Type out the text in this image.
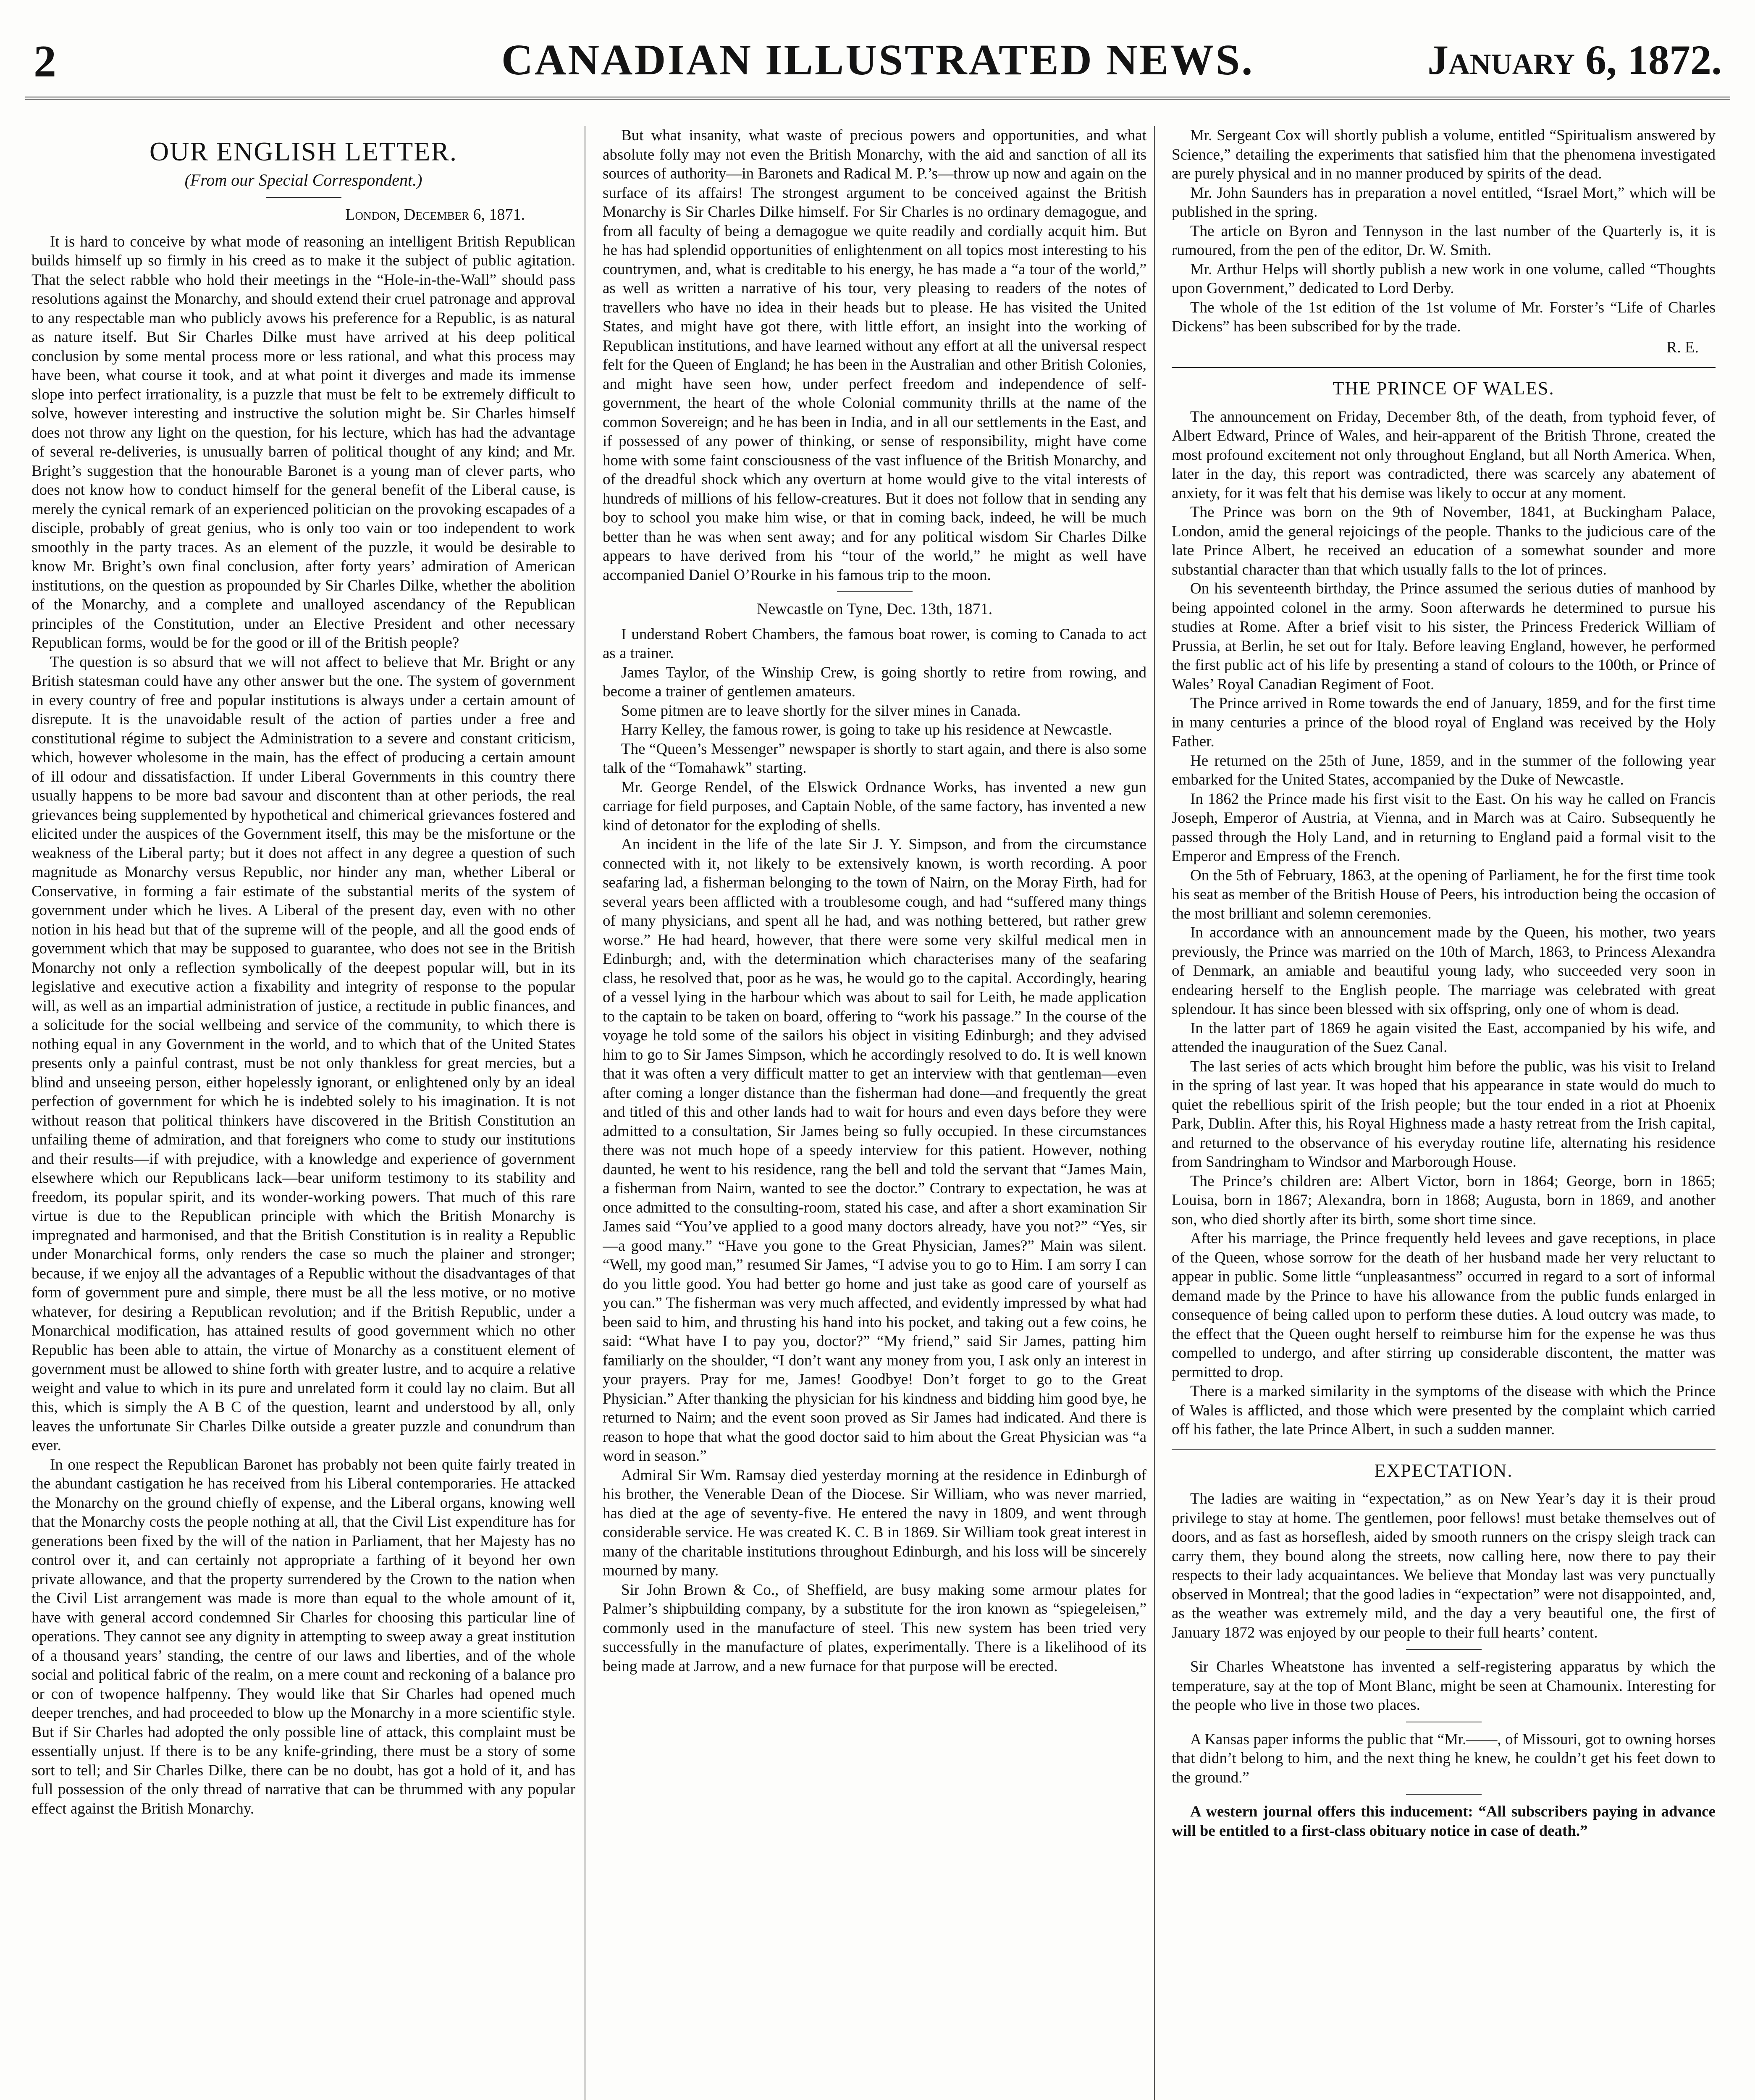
2	CANADIAN ILLUSTRATED NEWS.	January 6, 1872.
OUR ENGLISH LETTER.
(From our Special Correspondent.)
London, December 6, 1871.

It is hard to conceive by what mode of reasoning an intelligent British Republican builds himself up so firmly in his creed as to make it the subject of public agitation. That the select rabble who hold their meetings in the “Hole-in-the-Wall” should pass resolutions against the Monarchy, and should extend their cruel patronage and approval to any respectable man who publicly avows his preference for a Republic, is as natural as nature itself. But Sir Charles Dilke must have arrived at his deep political conclusion by some mental process more or less rational, and what this process may have been, what course it took, and at what point it diverges and made its immense slope into perfect irrationality, is a puzzle that must be felt to be extremely difficult to solve, however interesting and instructive the solution might be. Sir Charles himself does not throw any light on the question, for his lecture, which has had the advantage of several re-deliveries, is unusually barren of political thought of any kind; and Mr. Bright’s suggestion that the honourable Baronet is a young man of clever parts, who does not know how to conduct himself for the general benefit of the Liberal cause, is merely the cynical remark of an experienced politician on the provoking escapades of a disciple, probably of great genius, who is only too vain or too independent to work smoothly in the party traces. As an element of the puzzle, it would be desirable to know Mr. Bright’s own final conclusion, after forty years’ admiration of American institutions, on the question as propounded by Sir Charles Dilke, whether the abolition of the Monarchy, and a complete and unalloyed ascendancy of the Republican principles of the Constitution, under an Elective President and other necessary Republican forms, would be for the good or ill of the British people?

The question is so absurd that we will not affect to believe that Mr. Bright or any British statesman could have any other answer but the one. The system of government in every country of free and popular institutions is always under a certain amount of disrepute. It is the unavoidable result of the action of parties under a free and constitutional régime to subject the Administration to a severe and constant criticism, which, however wholesome in the main, has the effect of producing a certain amount of ill odour and dissatisfaction. If under Liberal Governments in this country there usually happens to be more bad savour and discontent than at other periods, the real grievances being supplemented by hypothetical and chimerical grievances fostered and elicited under the auspices of the Government itself, this may be the misfortune or the weakness of the Liberal party; but it does not affect in any degree a question of such magnitude as Monarchy versus Republic, nor hinder any man, whether Liberal or Conservative, in forming a fair estimate of the substantial merits of the system of government under which he lives. A Liberal of the present day, even with no other notion in his head but that of the supreme will of the people, and all the good ends of government which that may be supposed to guarantee, who does not see in the British Monarchy not only a reflection symbolically of the deepest popular will, but in its legislative and executive action a fixability and integrity of response to the popular will, as well as an impartial administration of justice, a rectitude in public finances, and a solicitude for the social wellbeing and service of the community, to which there is nothing equal in any Government in the world, and to which that of the United States presents only a painful contrast, must be not only thankless for great mercies, but a blind and unseeing person, either hopelessly ignorant, or enlightened only by an ideal perfection of government for which he is indebted solely to his imagination. It is not without reason that political thinkers have discovered in the British Constitution an unfailing theme of admiration, and that foreigners who come to study our institutions and their results—if with prejudice, with a knowledge and experience of government elsewhere which our Republicans lack—bear uniform testimony to its stability and freedom, its popular spirit, and its wonder-working powers. That much of this rare virtue is due to the Republican principle with which the British Monarchy is impregnated and harmonised, and that the British Constitution is in reality a Republic under Monarchical forms, only renders the case so much the plainer and stronger; because, if we enjoy all the advantages of a Republic without the disadvantages of that form of government pure and simple, there must be all the less motive, or no motive whatever, for desiring a Republican revolution; and if the British Republic, under a Monarchical modification, has attained results of good government which no other Republic has been able to attain, the virtue of Monarchy as a constituent element of government must be allowed to shine forth with greater lustre, and to acquire a relative weight and value to which in its pure and unrelated form it could lay no claim. But all this, which is simply the A B C of the question, learnt and understood by all, only leaves the unfortunate Sir Charles Dilke outside a greater puzzle and conundrum than ever.

In one respect the Republican Baronet has probably not been quite fairly treated in the abundant castigation he has received from his Liberal contemporaries. He attacked the Monarchy on the ground chiefly of expense, and the Liberal organs, knowing well that the Monarchy costs the people nothing at all, that the Civil List expenditure has for generations been fixed by the will of the nation in Parliament, that her Majesty has no control over it, and can certainly not appropriate a farthing of it beyond her own private allowance, and that the property surrendered by the Crown to the nation when the Civil List arrangement was made is more than equal to the whole amount of it, have with general accord condemned Sir Charles for choosing this particular line of operations. They cannot see any dignity in attempting to sweep away a great institution of a thousand years’ standing, the centre of our laws and liberties, and of the whole social and political fabric of the realm, on a mere count and reckoning of a balance pro or con of twopence halfpenny. They would like that Sir Charles had opened much deeper trenches, and had proceeded to blow up the Monarchy in a more scientific style. But if Sir Charles had adopted the only possible line of attack, this complaint must be essentially unjust. If there is to be any knife-grinding, there must be a story of some sort to tell; and Sir Charles Dilke, there can be no doubt, has got a hold of it, and has full possession of the only thread of narrative that can be thrummed with any popular effect against the British Monarchy.

But what insanity, what waste of precious powers and opportunities, and what absolute folly may not even the British Monarchy, with the aid and sanction of all its sources of authority—in Baronets and Radical M. P.’s—throw up now and again on the surface of its affairs! The strongest argument to be conceived against the British Monarchy is Sir Charles Dilke himself. For Sir Charles is no ordinary demagogue, and from all faculty of being a demagogue we quite readily and cordially acquit him. But he has had splendid opportunities of enlightenment on all topics most interesting to his countrymen, and, what is creditable to his energy, he has made a “a tour of the world,” as well as written a narrative of his tour, very pleasing to readers of the notes of travellers who have no idea in their heads but to please. He has visited the United States, and might have got there, with little effort, an insight into the working of Republican institutions, and have learned without any effort at all the universal respect felt for the Queen of England; he has been in the Australian and other British Colonies, and might have seen how, under perfect freedom and independence of self-government, the heart of the whole Colonial community thrills at the name of the common Sovereign; and he has been in India, and in all our settlements in the East, and if possessed of any power of thinking, or sense of responsibility, might have come home with some faint consciousness of the vast influence of the British Monarchy, and of the dreadful shock which any overturn at home would give to the vital interests of hundreds of millions of his fellow-creatures. But it does not follow that in sending any boy to school you make him wise, or that in coming back, indeed, he will be much better than he was when sent away; and for any political wisdom Sir Charles Dilke appears to have derived from his “tour of the world,” he might as well have accompanied Daniel O’Rourke in his famous trip to the moon.

Newcastle on Tyne, Dec. 13th, 1871.

I understand Robert Chambers, the famous boat rower, is coming to Canada to act as a trainer.

James Taylor, of the Winship Crew, is going shortly to retire from rowing, and become a trainer of gentlemen amateurs.

Some pitmen are to leave shortly for the silver mines in Canada.

Harry Kelley, the famous rower, is going to take up his residence at Newcastle.

The “Queen’s Messenger” newspaper is shortly to start again, and there is also some talk of the “Tomahawk” starting.

Mr. George Rendel, of the Elswick Ordnance Works, has invented a new gun carriage for field purposes, and Captain Noble, of the same factory, has invented a new kind of detonator for the exploding of shells.

An incident in the life of the late Sir J. Y. Simpson, and from the circumstance connected with it, not likely to be extensively known, is worth recording. A poor seafaring lad, a fisherman belonging to the town of Nairn, on the Moray Firth, had for several years been afflicted with a troublesome cough, and had “suffered many things of many physicians, and spent all he had, and was nothing bettered, but rather grew worse.” He had heard, however, that there were some very skilful medical men in Edinburgh; and, with the determination which characterises many of the seafaring class, he resolved that, poor as he was, he would go to the capital. Accordingly, hearing of a vessel lying in the harbour which was about to sail for Leith, he made application to the captain to be taken on board, offering to “work his passage.” In the course of the voyage he told some of the sailors his object in visiting Edinburgh; and they advised him to go to Sir James Simpson, which he accordingly resolved to do. It is well known that it was often a very difficult matter to get an interview with that gentleman—even after coming a longer distance than the fisherman had done—and frequently the great and titled of this and other lands had to wait for hours and even days before they were admitted to a consultation, Sir James being so fully occupied. In these circumstances there was not much hope of a speedy interview for this patient. However, nothing daunted, he went to his residence, rang the bell and told the servant that “James Main, a fisherman from Nairn, wanted to see the doctor.” Contrary to expectation, he was at once admitted to the consulting-room, stated his case, and after a short examination Sir James said “You’ve applied to a good many doctors already, have you not?” “Yes, sir—a good many.” “Have you gone to the Great Physician, James?” Main was silent. “Well, my good man,” resumed Sir James, “I advise you to go to Him. I am sorry I can do you little good. You had better go home and just take as good care of yourself as you can.” The fisherman was very much affected, and evidently impressed by what had been said to him, and thrusting his hand into his pocket, and taking out a few coins, he said: “What have I to pay you, doctor?” “My friend,” said Sir James, patting him familiarly on the shoulder, “I don’t want any money from you, I ask only an interest in your prayers. Pray for me, James! Goodbye! Don’t forget to go to the Great Physician.” After thanking the physician for his kindness and bidding him good bye, he returned to Nairn; and the event soon proved as Sir James had indicated. And there is reason to hope that what the good doctor said to him about the Great Physician was “a word in season.”

Admiral Sir Wm. Ramsay died yesterday morning at the residence in Edinburgh of his brother, the Venerable Dean of the Diocese. Sir William, who was never married, has died at the age of seventy-five. He entered the navy in 1809, and went through considerable service. He was created K. C. B in 1869. Sir William took great interest in many of the charitable institutions throughout Edinburgh, and his loss will be sincerely mourned by many.

Sir John Brown & Co., of Sheffield, are busy making some armour plates for Palmer’s shipbuilding company, by a substitute for the iron known as “spiegeleisen,” commonly used in the manufacture of steel. This new system has been tried very successfully in the manufacture of plates, experimentally. There is a likelihood of its being made at Jarrow, and a new furnace for that purpose will be erected.

Mr. Sergeant Cox will shortly publish a volume, entitled “Spiritualism answered by Science,” detailing the experiments that satisfied him that the phenomena investigated are purely physical and in no manner produced by spirits of the dead.

Mr. John Saunders has in preparation a novel entitled, “Israel Mort,” which will be published in the spring.

The article on Byron and Tennyson in the last number of the Quarterly is, it is rumoured, from the pen of the editor, Dr. W. Smith.

Mr. Arthur Helps will shortly publish a new work in one volume, called “Thoughts upon Government,” dedicated to Lord Derby.

The whole of the 1st edition of the 1st volume of Mr. Forster’s “Life of Charles Dickens” has been subscribed for by the trade.

R. E.
THE PRINCE OF WALES.

The announcement on Friday, December 8th, of the death, from typhoid fever, of Albert Edward, Prince of Wales, and heir-apparent of the British Throne, created the most profound excitement not only throughout England, but all North America. When, later in the day, this report was contradicted, there was scarcely any abatement of anxiety, for it was felt that his demise was likely to occur at any moment.

The Prince was born on the 9th of November, 1841, at Buckingham Palace, London, amid the general rejoicings of the people. Thanks to the judicious care of the late Prince Albert, he received an education of a somewhat sounder and more substantial character than that which usually falls to the lot of princes.

On his seventeenth birthday, the Prince assumed the serious duties of manhood by being appointed colonel in the army. Soon afterwards he determined to pursue his studies at Rome. After a brief visit to his sister, the Princess Frederick William of Prussia, at Berlin, he set out for Italy. Before leaving England, however, he performed the first public act of his life by presenting a stand of colours to the 100th, or Prince of Wales’ Royal Canadian Regiment of Foot.

The Prince arrived in Rome towards the end of January, 1859, and for the first time in many centuries a prince of the blood royal of England was received by the Holy Father.

He returned on the 25th of June, 1859, and in the summer of the following year embarked for the United States, accompanied by the Duke of Newcastle.

In 1862 the Prince made his first visit to the East. On his way he called on Francis Joseph, Emperor of Austria, at Vienna, and in March was at Cairo. Subsequently he passed through the Holy Land, and in returning to England paid a formal visit to the Emperor and Empress of the French.

On the 5th of February, 1863, at the opening of Parliament, he for the first time took his seat as member of the British House of Peers, his introduction being the occasion of the most brilliant and solemn ceremonies.

In accordance with an announcement made by the Queen, his mother, two years previously, the Prince was married on the 10th of March, 1863, to Princess Alexandra of Denmark, an amiable and beautiful young lady, who succeeded very soon in endearing herself to the English people. The marriage was celebrated with great splendour. It has since been blessed with six offspring, only one of whom is dead.

In the latter part of 1869 he again visited the East, accompanied by his wife, and attended the inauguration of the Suez Canal.

The last series of acts which brought him before the public, was his visit to Ireland in the spring of last year. It was hoped that his appearance in state would do much to quiet the rebellious spirit of the Irish people; but the tour ended in a riot at Phoenix Park, Dublin. After this, his Royal Highness made a hasty retreat from the Irish capital, and returned to the observance of his everyday routine life, alternating his residence from Sandringham to Windsor and Marborough House.

The Prince’s children are: Albert Victor, born in 1864; George, born in 1865; Louisa, born in 1867; Alexandra, born in 1868; Augusta, born in 1869, and another son, who died shortly after its birth, some short time since.

After his marriage, the Prince frequently held levees and gave receptions, in place of the Queen, whose sorrow for the death of her husband made her very reluctant to appear in public. Some little “unpleasantness” occurred in regard to a sort of informal demand made by the Prince to have his allowance from the public funds enlarged in consequence of being called upon to perform these duties. A loud outcry was made, to the effect that the Queen ought herself to reimburse him for the expense he was thus compelled to undergo, and after stirring up considerable discontent, the matter was permitted to drop.

There is a marked similarity in the symptoms of the disease with which the Prince of Wales is afflicted, and those which were presented by the complaint which carried off his father, the late Prince Albert, in such a sudden manner.

EXPECTATION.

The ladies are waiting in “expectation,” as on New Year’s day it is their proud privilege to stay at home. The gentlemen, poor fellows! must betake themselves out of doors, and as fast as horseflesh, aided by smooth runners on the crispy sleigh track can carry them, they bound along the streets, now calling here, now there to pay their respects to their lady acquaintances. We believe that Monday last was very punctually observed in Montreal; that the good ladies in “expectation” were not disappointed, and, as the weather was extremely mild, and the day a very beautiful one, the first of January 1872 was enjoyed by our people to their full hearts’ content.

Sir Charles Wheatstone has invented a self-registering apparatus by which the temperature, say at the top of Mont Blanc, might be seen at Chamounix. Interesting for the people who live in those two places.

A Kansas paper informs the public that “Mr.——, of Missouri, got to owning horses that didn’t belong to him, and the next thing he knew, he couldn’t get his feet down to the ground.”

A western journal offers this inducement: “All subscribers paying in advance will be entitled to a first-class obituary notice in case of death.”
